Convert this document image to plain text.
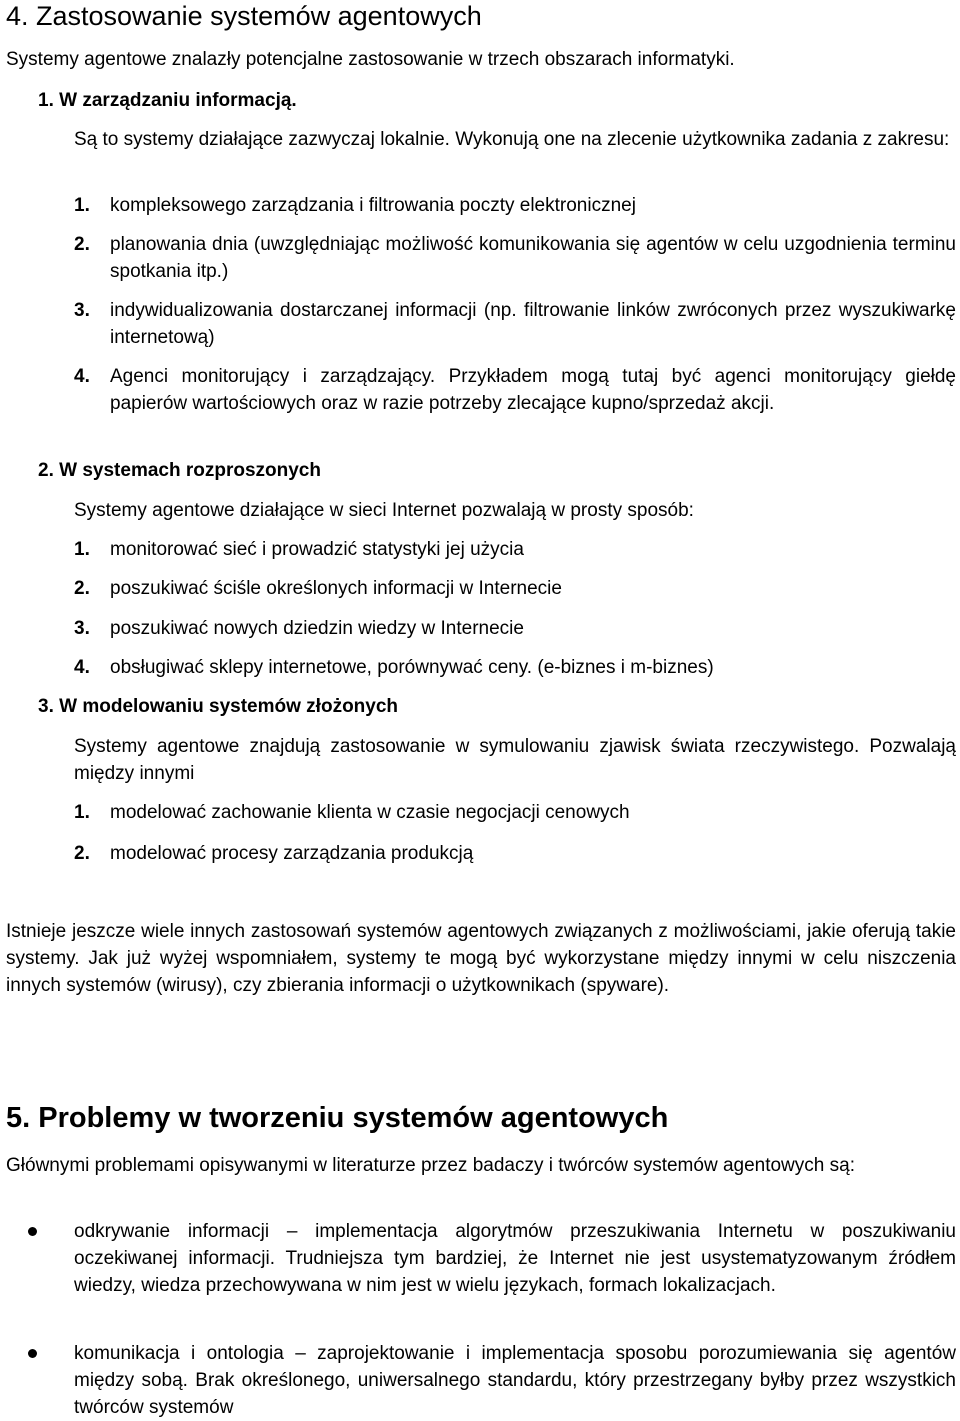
4. Zastosowanie systemów agentowych

Systemy agentowe znalazły potencjalne zastosowanie w trzech obszarach informatyki.

1. W zarządzaniu informacją.

Są to systemy działające zazwyczaj lokalnie. Wykonują one na zlecenie użytkownika zadania z zakresu:

1.	kompleksowego zarządzania i filtrowania poczty elektronicznej
2.	planowania dnia (uwzględniając możliwość komunikowania się agentów w celu uzgodnienia terminu spotkania itp.)
3.	indywidualizowania dostarczanej informacji (np. filtrowanie linków zwróconych przez wyszukiwarkę internetową)
4.	Agenci monitorujący i zarządzający. Przykładem mogą tutaj być agenci monitorujący giełdę papierów wartościowych oraz w razie potrzeby zlecające kupno/sprzedaż akcji.
2. W systemach rozproszonych

Systemy agentowe działające w sieci Internet pozwalają w prosty sposób:

1.	monitorować sieć i prowadzić statystyki jej użycia
2.	poszukiwać ściśle określonych informacji w Internecie
3.	poszukiwać nowych dziedzin wiedzy w Internecie
4.	obsługiwać sklepy internetowe, porównywać ceny. (e-biznes i m-biznes)
3. W modelowaniu systemów złożonych

Systemy agentowe znajdują zastosowanie w symulowaniu zjawisk świata rzeczywistego. Pozwalają między innymi

1.	modelować zachowanie klienta w czasie negocjacji cenowych
2.	modelować procesy zarządzania produkcją

Istnieje jeszcze wiele innych zastosowań systemów agentowych związanych z możliwościami, jakie oferują takie systemy. Jak już wyżej wspomniałem, systemy te mogą być wykorzystane między innymi w celu niszczenia innych systemów (wirusy), czy zbierania informacji o użytkownikach (spyware).

5. Problemy w tworzeniu systemów agentowych

Głównymi problemami opisywanymi w literaturze przez badaczy i twórców systemów agentowych są:

odkrywanie informacji – implementacja algorytmów przeszukiwania Internetu w poszukiwaniu oczekiwanej informacji. Trudniejsza tym bardziej, że Internet nie jest usystematyzowanym źródłem wiedzy, wiedza przechowywana w nim jest w wielu językach, formach lokalizacjach.

komunikacja i ontologia – zaprojektowanie i implementacja sposobu porozumiewania się agentów między sobą. Brak określonego, uniwersalnego standardu, który przestrzegany byłby przez wszystkich twórców systemów
